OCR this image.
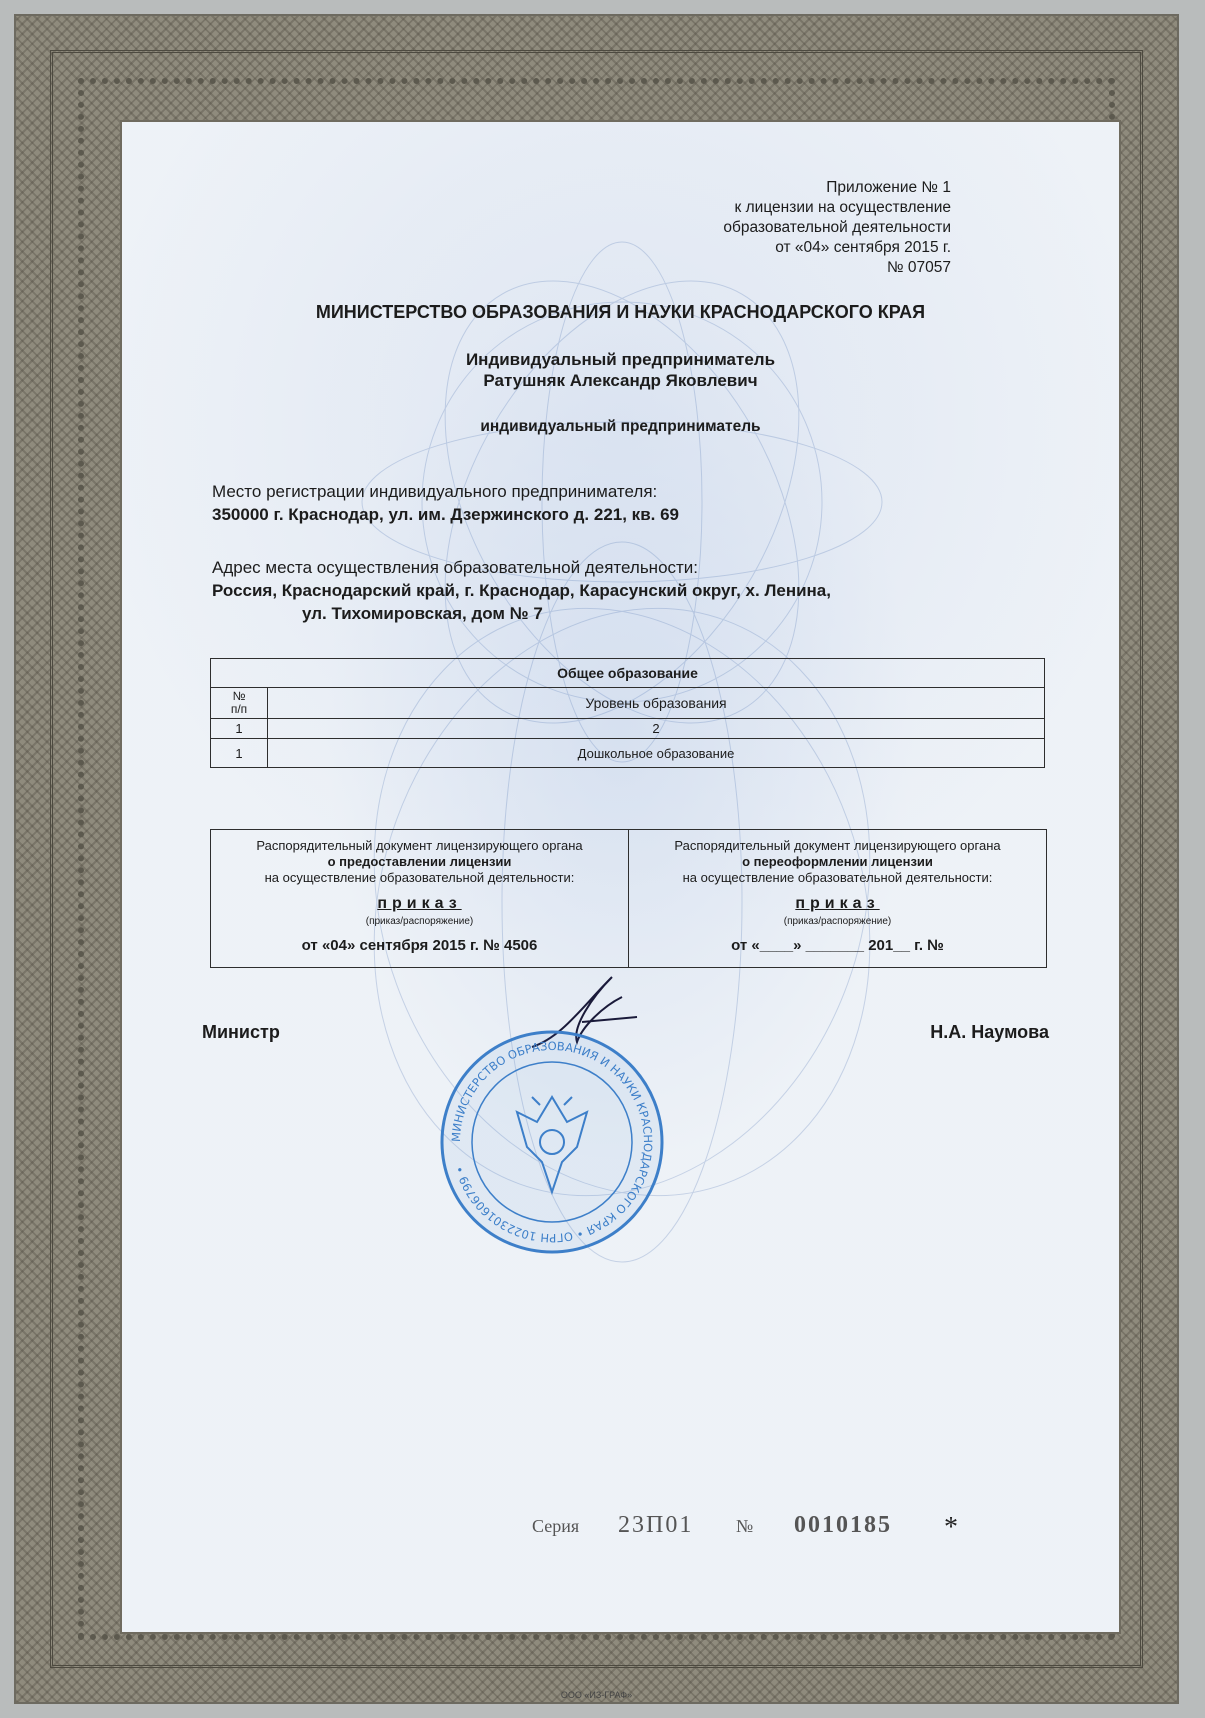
Приложение № 1
к лицензии на осуществление
образовательной деятельности
от «04» сентября 2015 г.
№ 07057
МИНИСТЕРСТВО ОБРАЗОВАНИЯ И НАУКИ КРАСНОДАРСКОГО КРАЯ
Индивидуальный предприниматель
Ратушняк Александр Яковлевич
индивидуальный предприниматель
Место регистрации индивидуального предпринимателя:
350000 г. Краснодар, ул. им. Дзержинского д. 221, кв. 69
Адрес места осуществления образовательной деятельности:
Россия, Краснодарский край, г. Краснодар, Карасунский округ, х. Ленина,
ул. Тихомировская, дом № 7
Общее образование	
№
п/п	Уровень образования
1	2
1	Дошкольное образование
Распорядительный документ лицензирующего органа
о предоставлении лицензии
на осуществление образовательной деятельности:
приказ
(приказ/распоряжение)
от «04» сентября 2015 г. № 4506
Распорядительный документ лицензирующего органа
о переоформлении лицензии
на осуществление образовательной деятельности:
приказ
(приказ/распоряжение)
от «____» _______ 201__ г. №
Министр	Н.А. Наумова
МИНИСТЕРСТВО ОБРАЗОВАНИЯ И НАУКИ КРАСНОДАРСКОГО КРАЯ • ОГРН 1022301606799 •
Серия 23П01 № 0010185 *
ООО «ИЗ-ГРАФ»
